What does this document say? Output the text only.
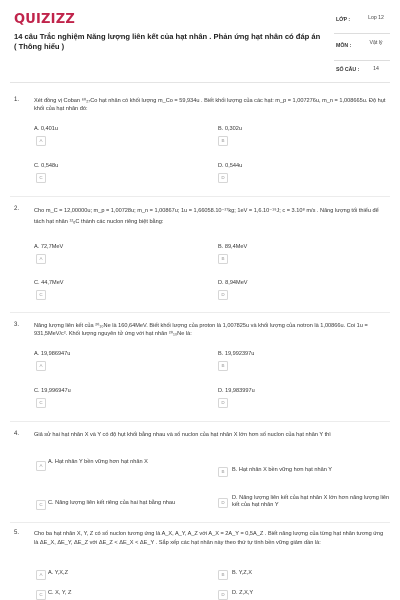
QUIZIZZ
14 câu Trắc nghiệm Năng lượng liên kết của hạt nhân . Phản ứng hạt nhân có đáp án ( Thông hiểu )
LỚP :	Lop 12
MÔN :	Vật lý
SỐ CÂU :	14
1.	Xét đồng vị Coban ⁶⁰₂₇Co hạt nhân có khối lượng m_Co = 59,934u . Biết khối lượng của các hạt: m_p = 1,007276u, m_n = 1,008665u. Độ hụt khối của hạt nhân đó:
A. 0,401u
A
B. 0,302u
B
C. 0,548u
C
D. 0,544u
D
2.	Cho m_C = 12,00000u; m_p = 1,00728u; m_n = 1,00867u; 1u = 1,66058.10⁻²⁷kg; 1eV = 1,6.10⁻¹⁹J; c = 3.10⁸ m/s . Năng lượng tối thiểu để tách hạt nhân ¹²₆C thành các nuclon riêng biệt bằng:
A. 72,7MeV
A
B. 89,4MeV
B
C. 44,7MeV
C
D. 8,94MeV
D
3.	Năng lượng liên kết của ²⁰₁₀Ne là 160,64MeV. Biết khối lượng của proton là 1,007825u và khối lượng của notron là 1,00866u. Coi 1u = 931,5MeV/c². Khối lượng nguyên tử ứng với hạt nhân ²⁰₁₀Ne là:
A. 19,986947u
A
B. 19,992397u
B
C. 19,996947u
C
D. 19,983997u
D
4.	Giả sử hai hạt nhân X và Y có độ hụt khối bằng nhau và số nuclon của hạt nhân X lớn hơn số nuclon của hạt nhân Y thì
A
A. Hạt nhân Y bền vững hơn hạt nhân X
B	B. Hạt nhân X bền vững hơn hạt nhân Y
C C. Năng lượng liên kết riêng của hai hạt bằng nhau	D
D. Năng lượng liên kết của hạt nhân X lớn hơn năng lượng liên kết của hạt nhân Y
5.	Cho ba hạt nhân X, Y, Z có số nuclon tương ứng là A_X, A_Y, A_Z với A_X = 2A_Y = 0,5A_Z . Biết năng lượng của từng hạt nhân tương ứng là ΔE_X, ΔE_Y, ΔE_Z với ΔE_Z < ΔE_X < ΔE_Y . Sắp xếp các hạt nhân này theo thứ tự tính bền vững giảm dần là:
A A. Y,X,Z	B	B. Y,Z,X
C C. X, Y, Z	D	D. Z,X,Y
